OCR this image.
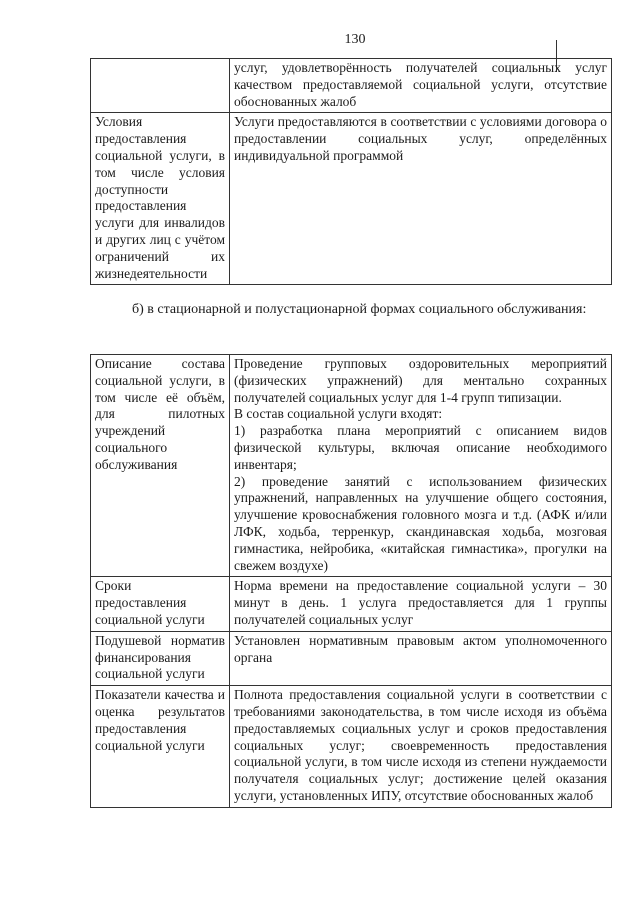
130
	услуг, удовлетворённость получателей социальных услуг качеством предоставляемой социальной услуги, отсутствие обоснованных жалоб
Условия предоставления социальной услуги, в том числе условия доступности предоставления услуги для инвалидов и других лиц с учётом ограничений их жизнедеятельности	Услуги предоставляются в соответствии с условиями договора о предоставлении социальных услуг, определённых индивидуальной программой
б) в стационарной и полустационарной формах социального обслуживания:
Описание состава социальной услуги, в том числе её объём, для пилотных учреждений социального обслуживания	Проведение групповых оздоровительных мероприятий (физических упражнений) для ментально сохранных получателей социальных услуг для 1-4 групп типизации.

В состав социальной услуги входят:

1) разработка плана мероприятий с описанием видов физической культуры, включая описание необходимого инвентаря;

2) проведение занятий с использованием физических упражнений, направленных на улучшение общего состояния, улучшение кровоснабжения головного мозга и т.д. (АФК и/или ЛФК, ходьба, терренкур, скандинавская ходьба, мозговая гимнастика, нейробика, «китайская гимнастика», прогулки на свежем воздухе)

Сроки предоставления социальной услуги	Норма времени на предоставление социальной услуги – 30 минут в день. 1 услуга предоставляется для 1 группы получателей социальных услуг
Подушевой норматив финансирования социальной услуги	Установлен нормативным правовым актом уполномоченного органа
Показатели качества и оценка результатов предоставления социальной услуги	Полнота предоставления социальной услуги в соответствии с требованиями законодательства, в том числе исходя из объёма предоставляемых социальных услуг и сроков предоставления социальных услуг; своевременность предоставления социальной услуги, в том числе исходя из степени нуждаемости получателя социальных услуг; достижение целей оказания услуги, установленных ИПУ, отсутствие обоснованных жалоб
